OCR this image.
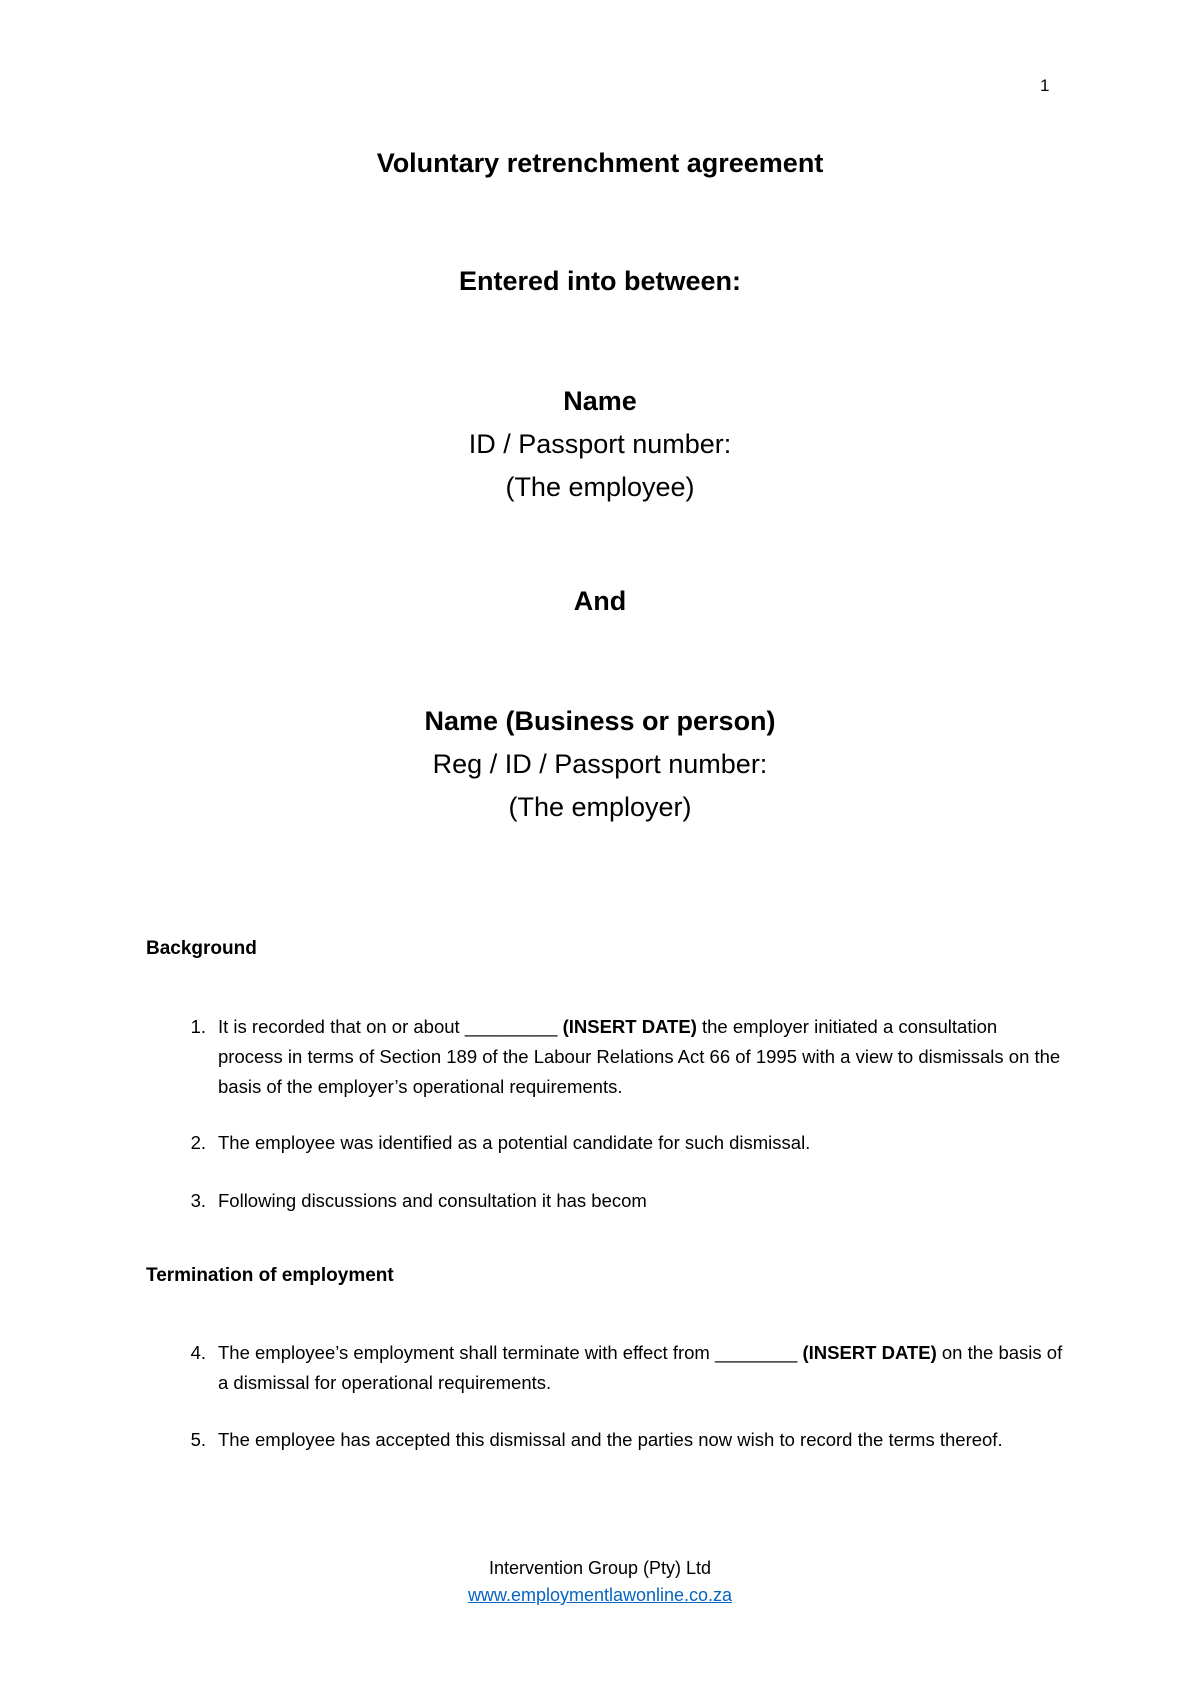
1
Voluntary retrenchment agreement
Entered into between:
Name
ID / Passport number:
(The employee)
And
Name (Business or person)
Reg / ID / Passport number:
(The employer)
Background
1. It is recorded that on or about _________ (INSERT DATE) the employer initiated a consultation process in terms of Section 189 of the Labour Relations Act 66 of 1995 with a view to dismissals on the basis of the employer’s operational requirements.
2. The employee was identified as a potential candidate for such dismissal.
3. Following discussions and consultation it has becom
Termination of employment
4. The employee’s employment shall terminate with effect from ________ (INSERT DATE) on the basis of a dismissal for operational requirements.
5. The employee has accepted this dismissal and the parties now wish to record the terms thereof.
Intervention Group (Pty) Ltd
www.employmentlawonline.co.za
